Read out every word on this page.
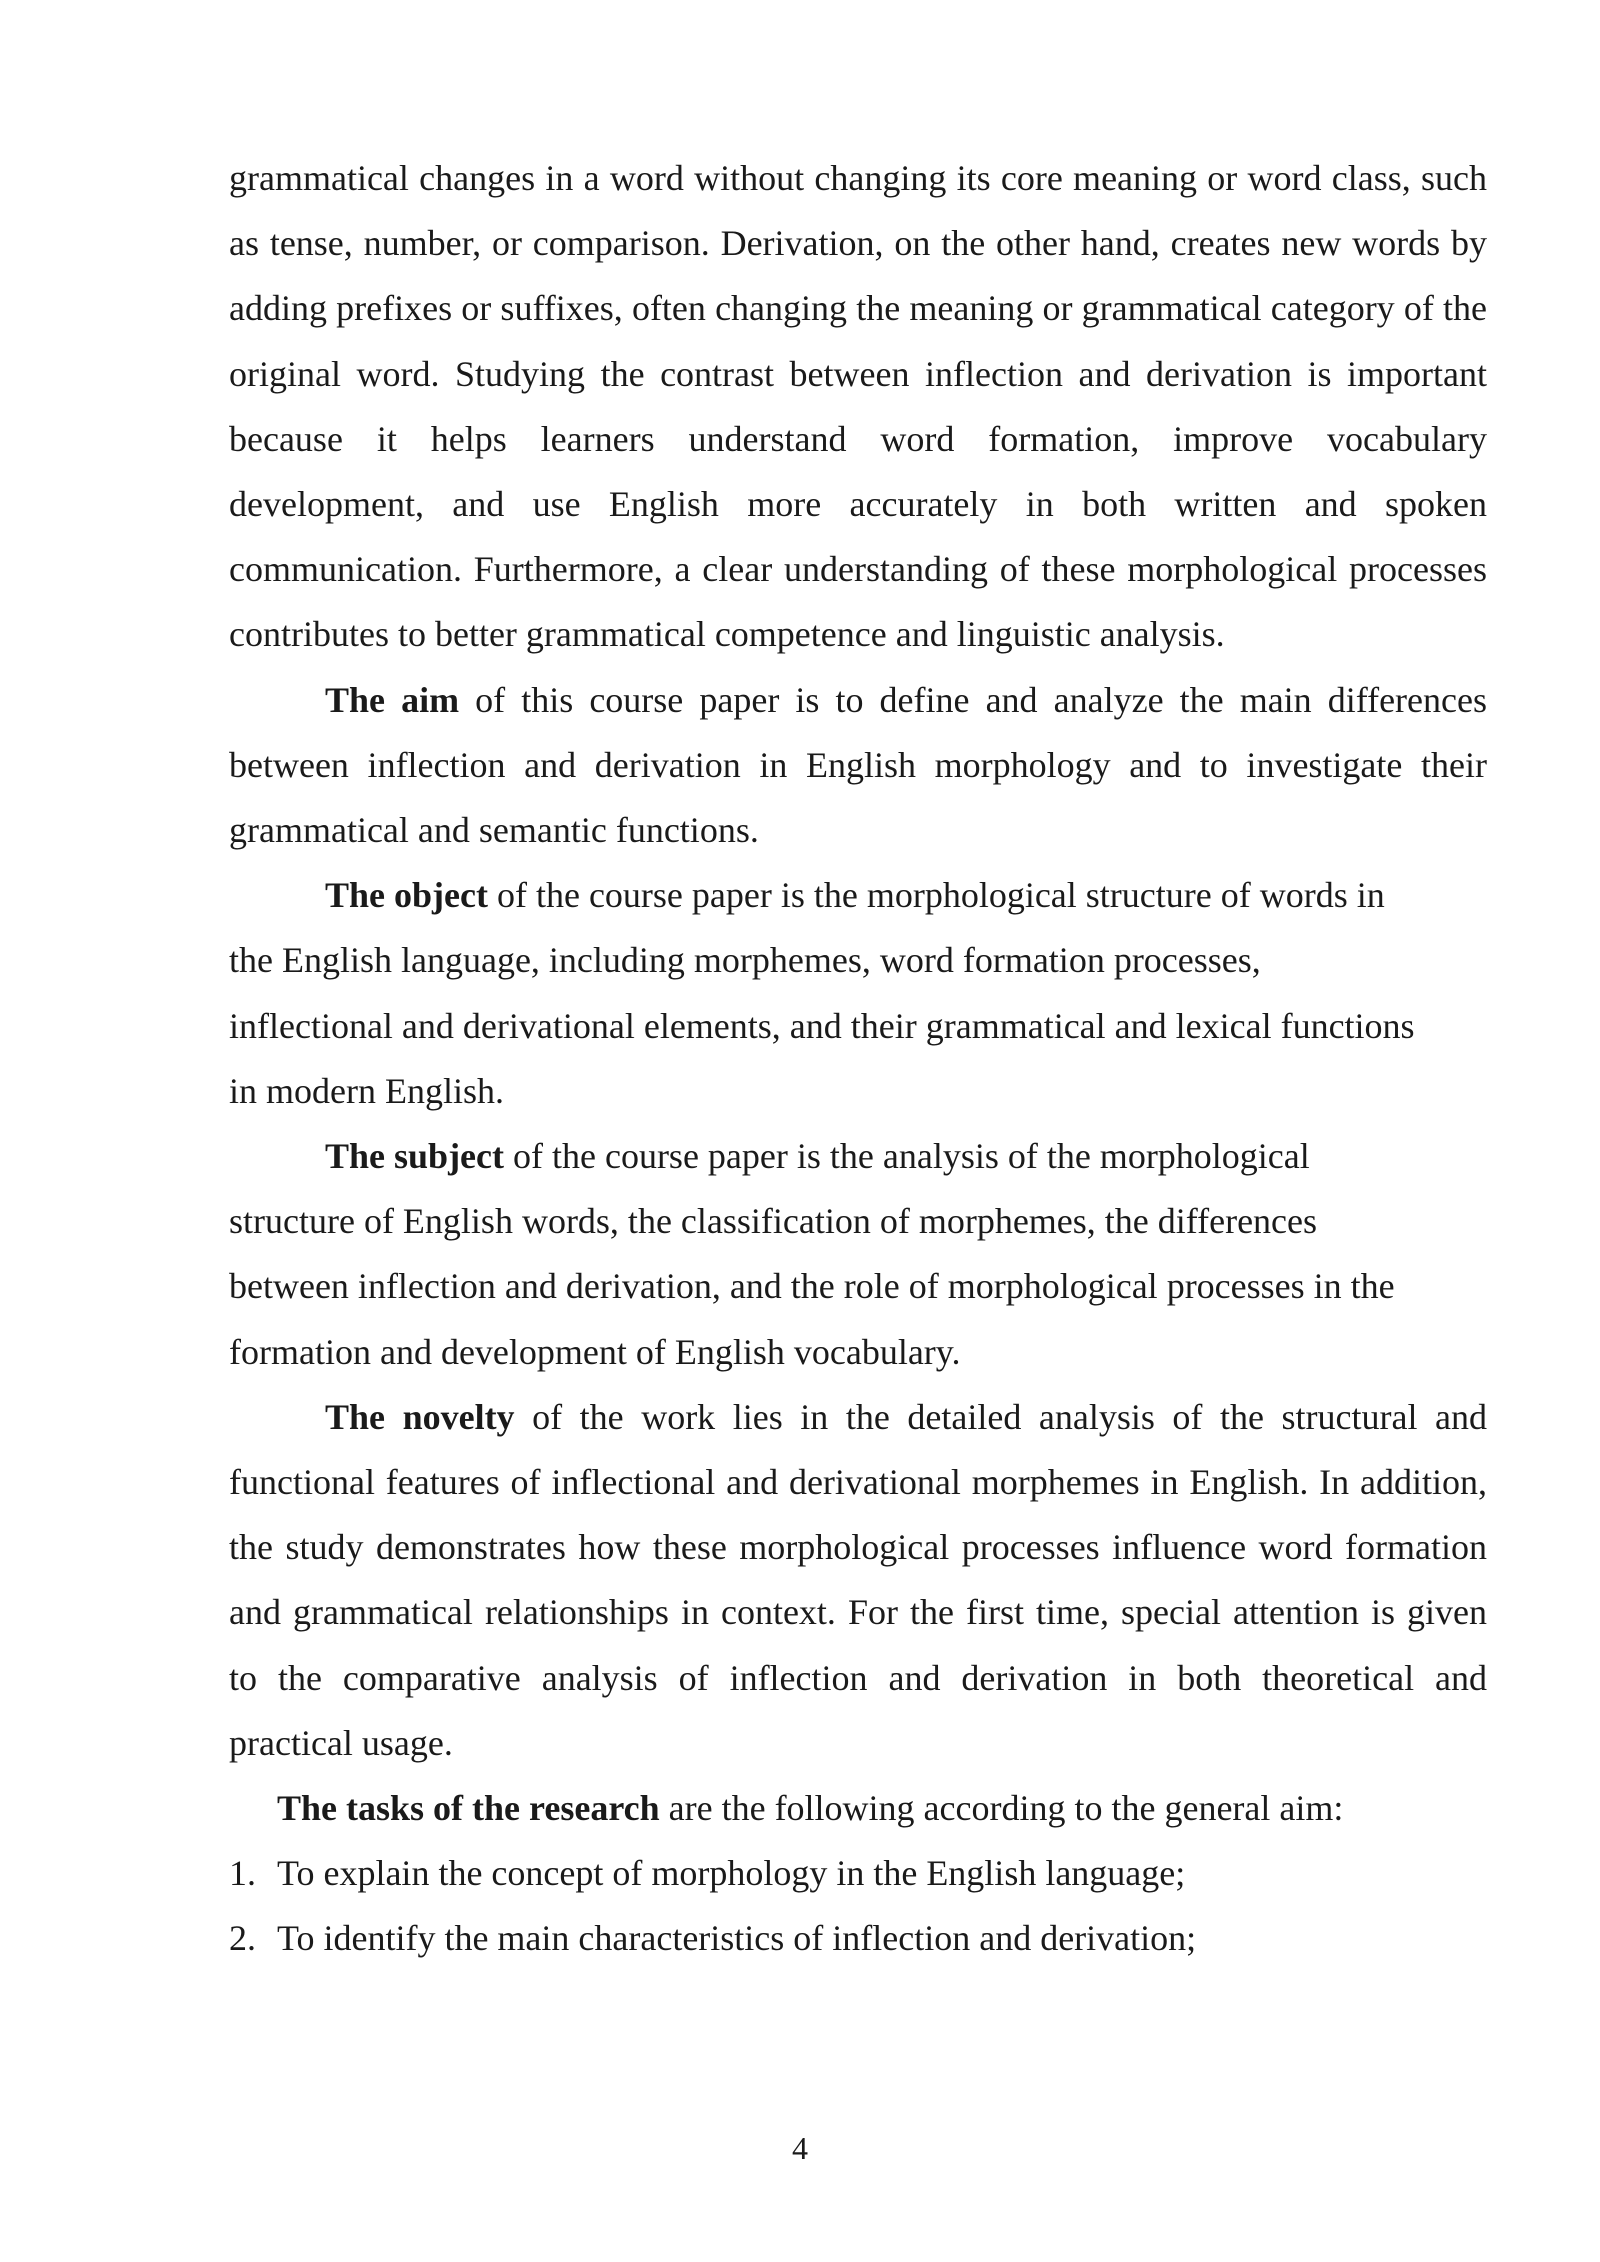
grammatical changes in a word without changing its core meaning or word class, such as tense, number, or comparison. Derivation, on the other hand, creates new words by adding prefixes or suffixes, often changing the meaning or grammatical category of the original word. Studying the contrast between inflection and derivation is important because it helps learners understand word formation, improve vocabulary development, and use English more accurately in both written and spoken communication. Furthermore, a clear understanding of these morphological processes contributes to better grammatical competence and linguistic analysis.

The aim of this course paper is to define and analyze the main differences between inflection and derivation in English morphology and to investigate their grammatical and semantic functions.

The object of the course paper is the morphological structure of words in
the English language, including morphemes, word formation processes,
inflectional and derivational elements, and their grammatical and lexical functions
in modern English.

The subject of the course paper is the analysis of the morphological
structure of English words, the classification of morphemes, the differences
between inflection and derivation, and the role of morphological processes in the
formation and development of English vocabulary.

The novelty of the work lies in the detailed analysis of the structural and functional features of inflectional and derivational morphemes in English. In addition, the study demonstrates how these morphological processes influence word formation and grammatical relationships in context. For the first time, special attention is given to the comparative analysis of inflection and derivation in both theoretical and practical usage.

The tasks of the research are the following according to the general aim:

1. To explain the concept of morphology in the English language;
2. To identify the main characteristics of inflection and derivation;
4
